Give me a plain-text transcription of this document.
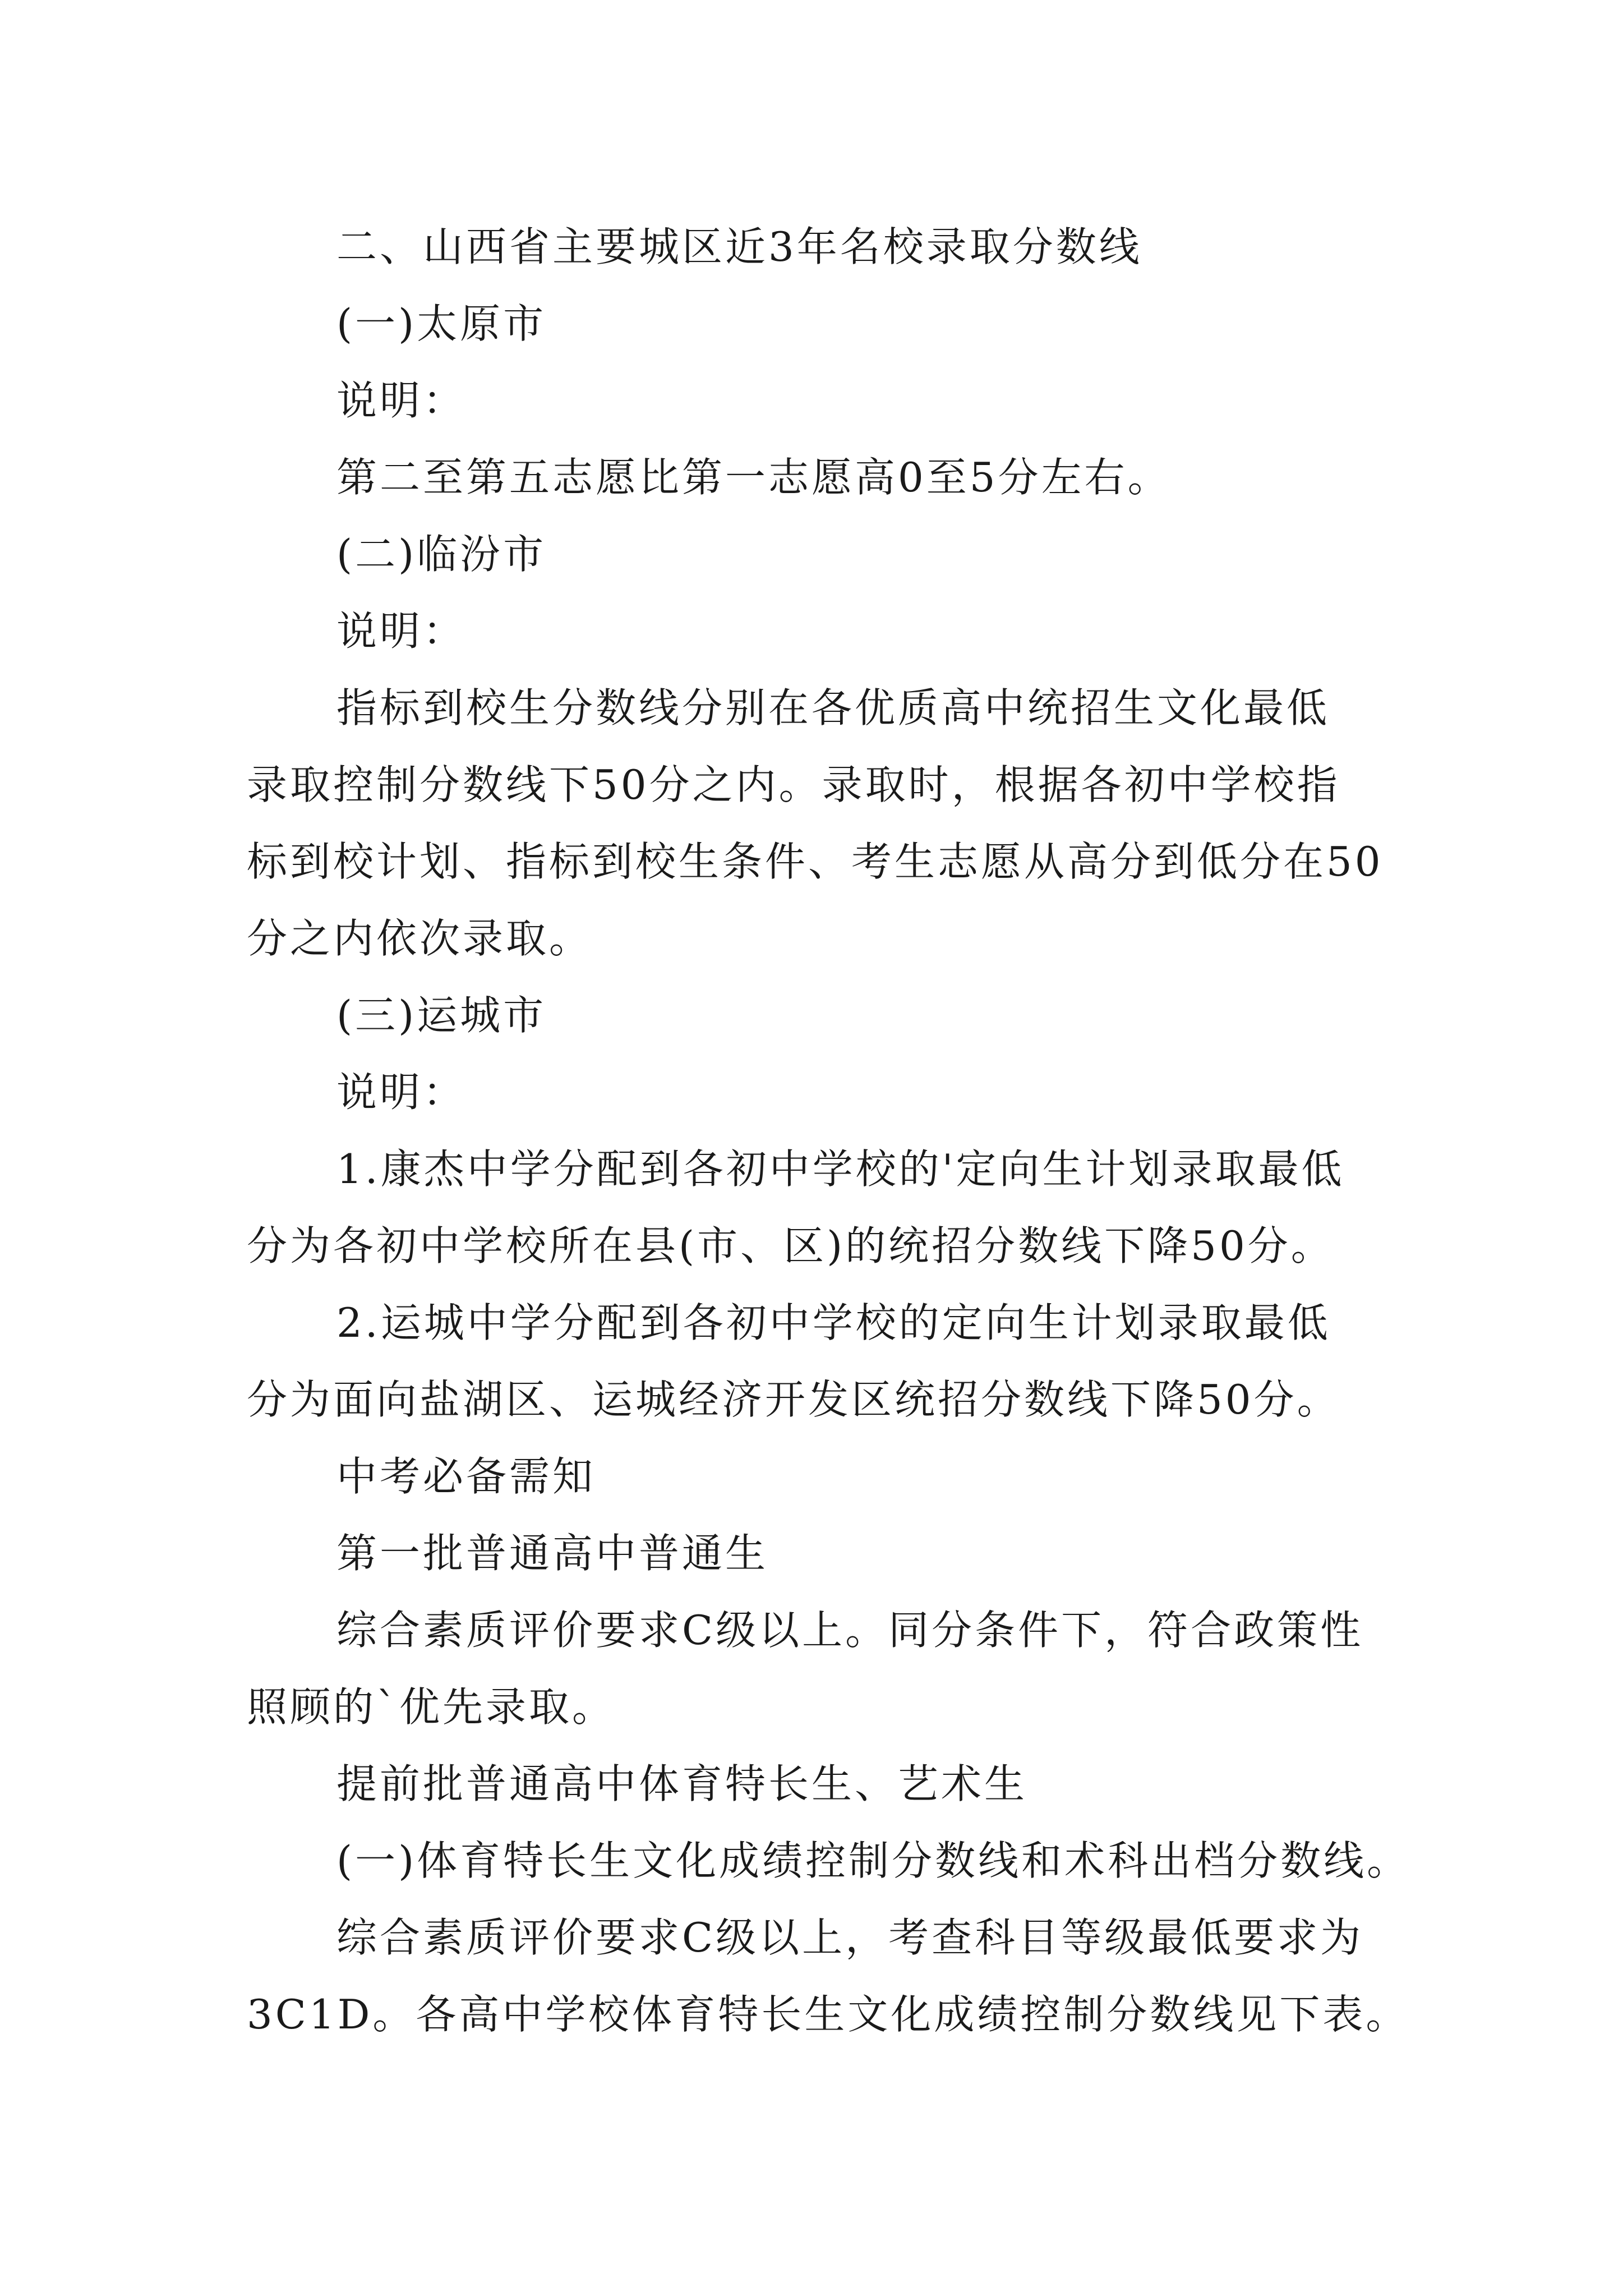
二、山西省主要城区近3年名校录取分数线

(一)太原市

说明：

第二至第五志愿比第一志愿高0至5分左右。

(二)临汾市

说明：

指标到校生分数线分别在各优质高中统招生文化最低

录取控制分数线下50分之内。录取时，根据各初中学校指

标到校计划、指标到校生条件、考生志愿从高分到低分在50

分之内依次录取。

(三)运城市

说明：

1.康杰中学分配到各初中学校的'定向生计划录取最低

分为各初中学校所在县(市、区)的统招分数线下降50分。

2.运城中学分配到各初中学校的定向生计划录取最低

分为面向盐湖区、运城经济开发区统招分数线下降50分。

中考必备需知

第一批普通高中普通生

综合素质评价要求C级以上。同分条件下，符合政策性

照顾的`优先录取。

提前批普通高中体育特长生、艺术生

(一)体育特长生文化成绩控制分数线和术科出档分数线。

综合素质评价要求C级以上，考查科目等级最低要求为

3C1D。各高中学校体育特长生文化成绩控制分数线见下表。
